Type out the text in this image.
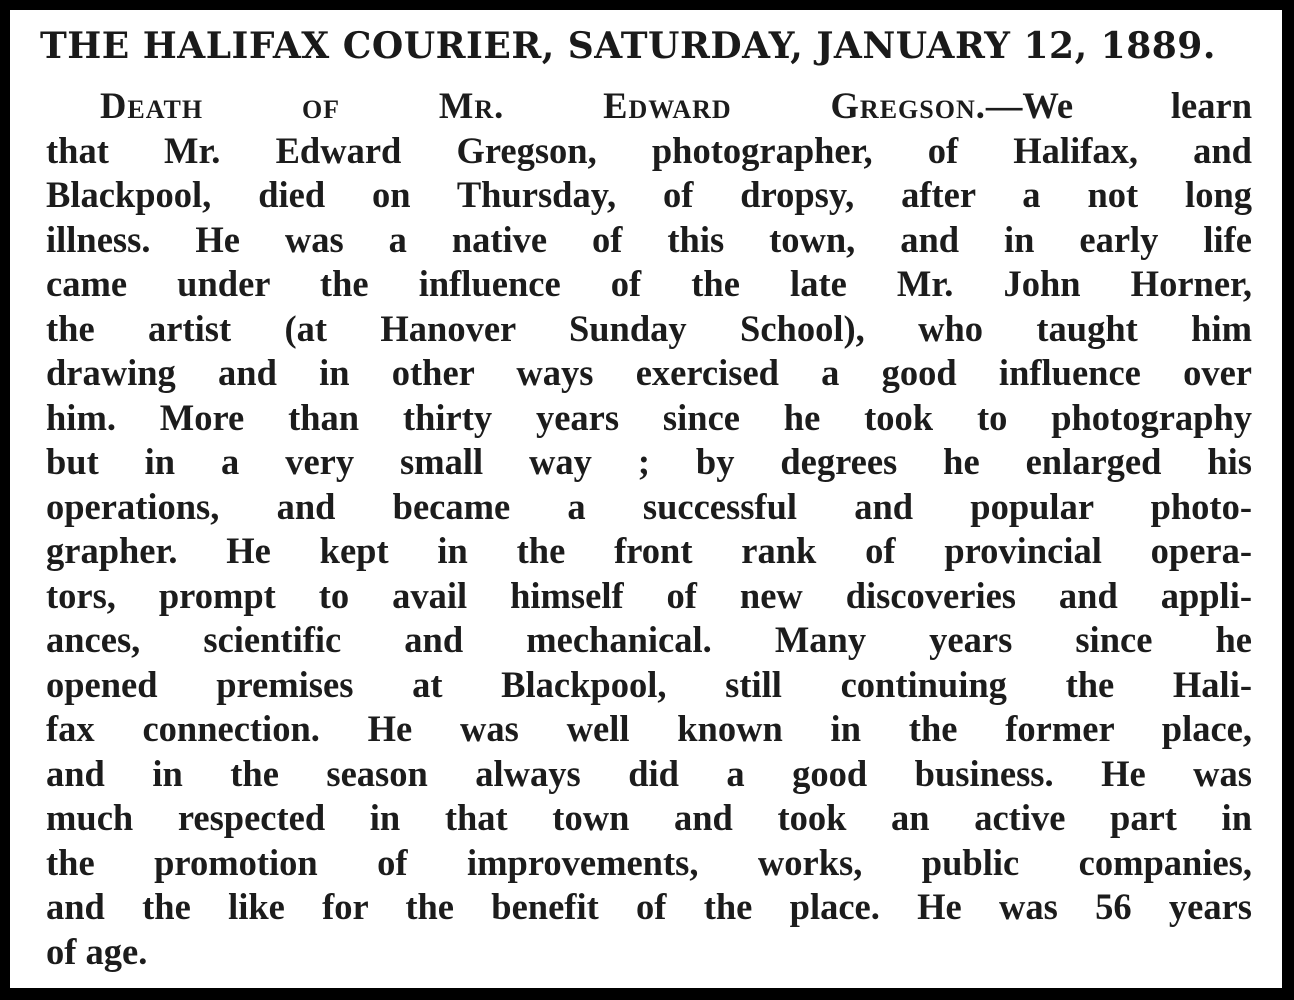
THE HALIFAX COURIER, SATURDAY, JANUARY 12, 1889.
Death of Mr. Edward Gregson.—We learn
that Mr. Edward Gregson, photographer, of Halifax, and
Blackpool, died on Thursday, of dropsy, after a not long
illness. He was a native of this town, and in early life
came under the influence of the late Mr. John Horner,
the artist (at Hanover Sunday School), who taught him
drawing and in other ways exercised a good influence over
him. More than thirty years since he took to photography
but in a very small way ; by degrees he enlarged his
operations, and became a successful and popular photo-
grapher. He kept in the front rank of provincial opera-
tors, prompt to avail himself of new discoveries and appli-
ances, scientific and mechanical. Many years since he
opened premises at Blackpool, still continuing the Hali-
fax connection. He was well known in the former place,
and in the season always did a good business. He was
much respected in that town and took an active part in
the promotion of improvements, works, public companies,
and the like for the benefit of the place. He was 56 years
of age.
